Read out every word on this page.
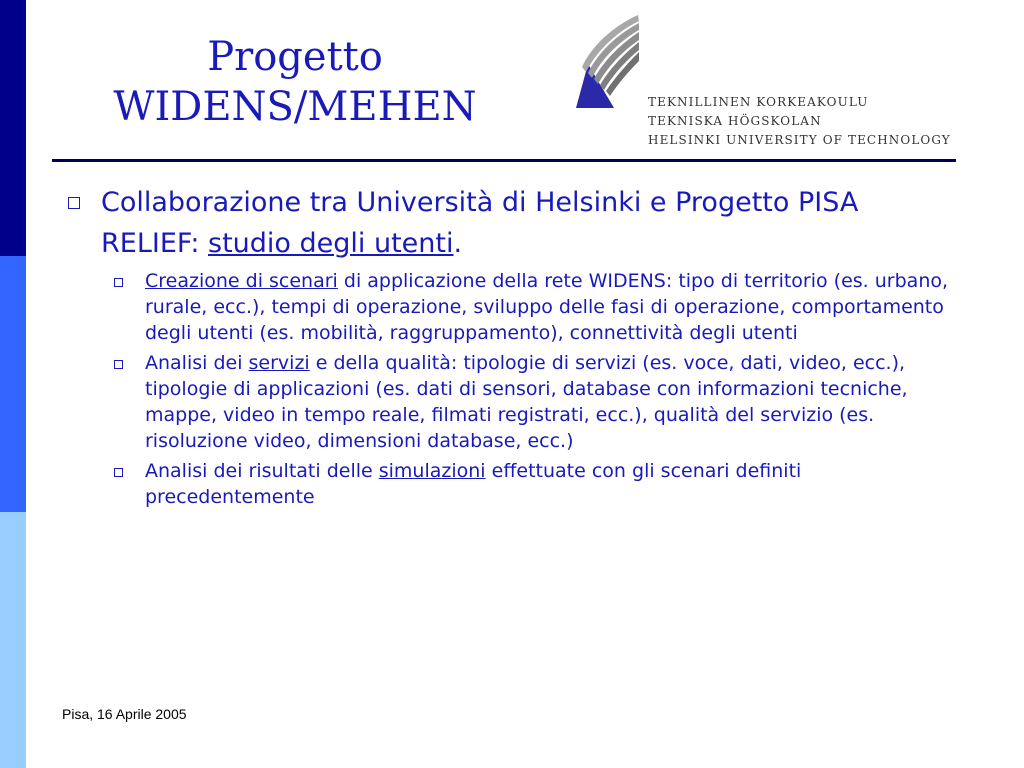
Progetto
WIDENS/MEHEN	TEKNILLINEN KORKEAKOULU
TEKNISKA HÖGSKOLAN
HELSINKI UNIVERSITY OF TECHNOLOGY
Collaborazione tra Università di Helsinki e Progetto PISA RELIEF: studio degli utenti.
Creazione di scenari di applicazione della rete WIDENS: tipo di territorio (es. urbano, rurale, ecc.), tempi di operazione, sviluppo delle fasi di operazione, comportamento degli utenti (es. mobilità, raggruppamento), connettività degli utenti
Analisi dei servizi e della qualità: tipologie di servizi (es. voce, dati, video, ecc.), tipologie di applicazioni (es. dati di sensori, database con informazioni tecniche, mappe, video in tempo reale, filmati registrati, ecc.), qualità del servizio (es. risoluzione video, dimensioni database, ecc.)
Analisi dei risultati delle simulazioni effettuate con gli scenari definiti precedentemente
Pisa, 16 Aprile 2005
